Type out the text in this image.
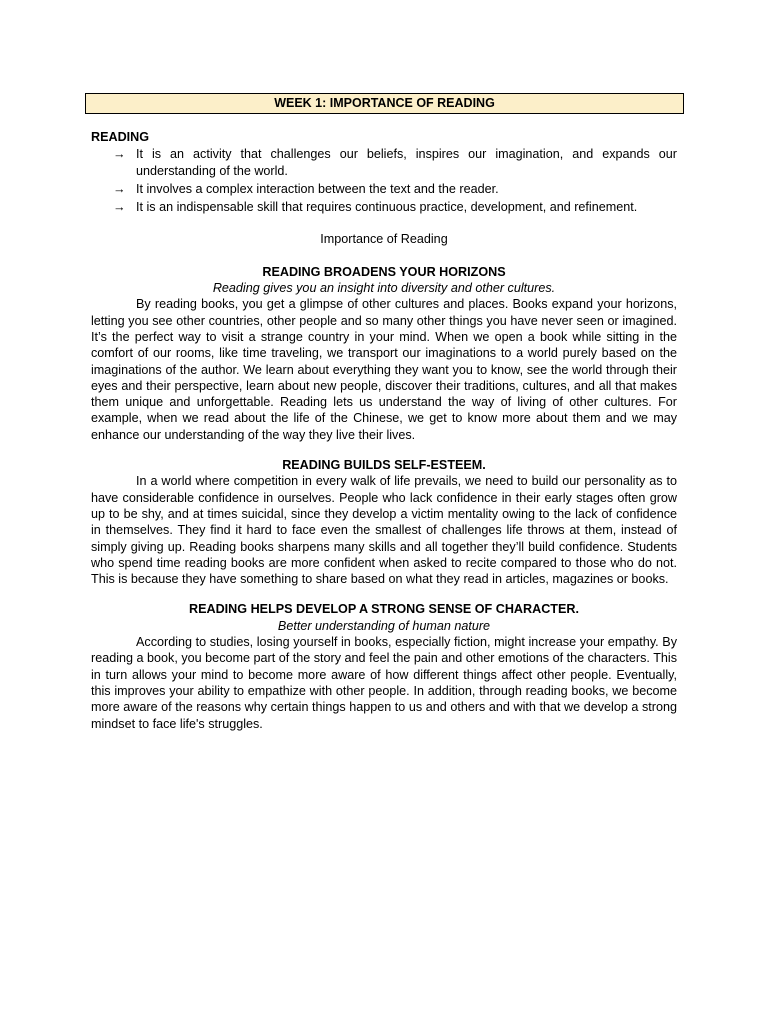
WEEK 1: IMPORTANCE OF READING
READING
→ It is an activity that challenges our beliefs, inspires our imagination, and expands our understanding of the world.
→ It involves a complex interaction between the text and the reader.
→ It is an indispensable skill that requires continuous practice, development, and refinement.
Importance of Reading
READING BROADENS YOUR HORIZONS
Reading gives you an insight into diversity and other cultures.

By reading books, you get a glimpse of other cultures and places. Books expand your horizons, letting you see other countries, other people and so many other things you have never seen or imagined. It’s the perfect way to visit a strange country in your mind. When we open a book while sitting in the comfort of our rooms, like time traveling, we transport our imaginations to a world purely based on the imaginations of the author. We learn about everything they want you to know, see the world through their eyes and their perspective, learn about new people, discover their traditions, cultures, and all that makes them unique and unforgettable. Reading lets us understand the way of living of other cultures. For example, when we read about the life of the Chinese, we get to know more about them and we may enhance our understanding of the way they live their lives.

READING BUILDS SELF-ESTEEM.

In a world where competition in every walk of life prevails, we need to build our personality as to have considerable confidence in ourselves. People who lack confidence in their early stages often grow up to be shy, and at times suicidal, since they develop a victim mentality owing to the lack of confidence in themselves. They find it hard to face even the smallest of challenges life throws at them, instead of simply giving up. Reading books sharpens many skills and all together they’ll build confidence. Students who spend time reading books are more confident when asked to recite compared to those who do not. This is because they have something to share based on what they read in articles, magazines or books.

READING HELPS DEVELOP A STRONG SENSE OF CHARACTER.
Better understanding of human nature

According to studies, losing yourself in books, especially fiction, might increase your empathy. By reading a book, you become part of the story and feel the pain and other emotions of the characters. This in turn allows your mind to become more aware of how different things affect other people. Eventually, this improves your ability to empathize with other people. In addition, through reading books, we become more aware of the reasons why certain things happen to us and others and with that we develop a strong mindset to face life's struggles.
